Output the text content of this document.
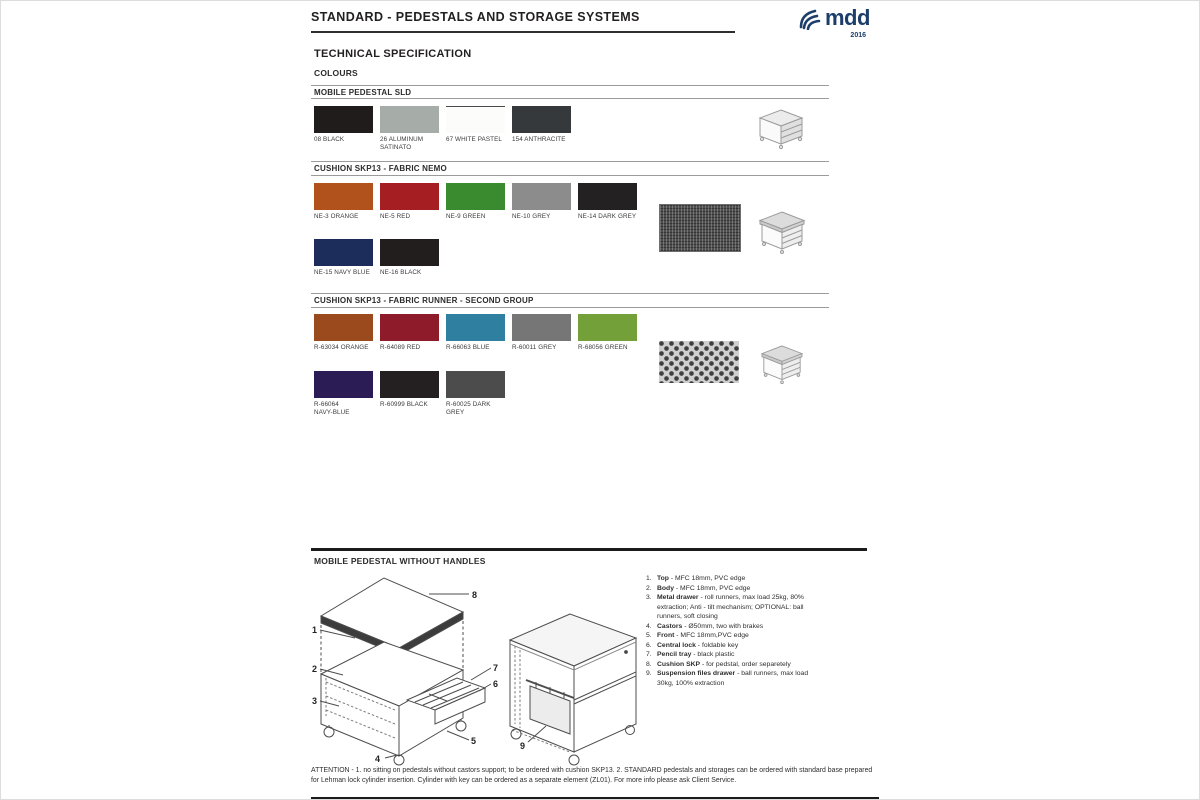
STANDARD - PEDESTALS AND STORAGE SYSTEMS	mdd
2016
TECHNICAL SPECIFICATION
COLOURS
MOBILE PEDESTAL SLD
08 BLACK	26 ALUMINUM SATINATO
67 WHITE PASTEL	154 ANTHRACITE
CUSHION SKP13 - FABRIC NEMO
NE-3 ORANGE	NE-5 RED	NE-9 GREEN	NE-10 GREY	NE-14 DARK GREY
NE-15 NAVY BLUE	NE-16 BLACK
CUSHION SKP13 - FABRIC RUNNER - SECOND GROUP
R-63034 ORANGE	R-64089 RED	R-66063 BLUE	R-60011 GREY	R-68056 GREEN
R-66064 NAVY-BLUE
R-60999 BLACK	R-60025 DARK GREY
MOBILE PEDESTAL WITHOUT HANDLES
1
2
3
4
5
6
7
8
9
1. Top - MFC 18mm, PVC edge
2. Body - MFC 18mm, PVC edge
3. Metal drawer - roll runners, max load 25kg, 80% extraction; Anti - tilt mechanism; OPTIONAL: ball runners, soft closing
4. Castors - Ø50mm, two with brakes
5. Front - MFC 18mm,PVC edge
6. Central lock - foldable key
7. Pencil tray - black plastic
8. Cushion SKP - for pedstal, order separetely
9. Suspension files drawer - ball runners, max load 30kg, 100% extraction
ATTENTION - 1. no sitting on pedestals without castors support; to be ordered with cushion SKP13. 2. STANDARD pedestals and storages can be ordered with standard base prepared for Lehman lock cylinder insertion. Cylinder with key can be ordered as a separate element (ZL01). For more info please ask Client Service.
